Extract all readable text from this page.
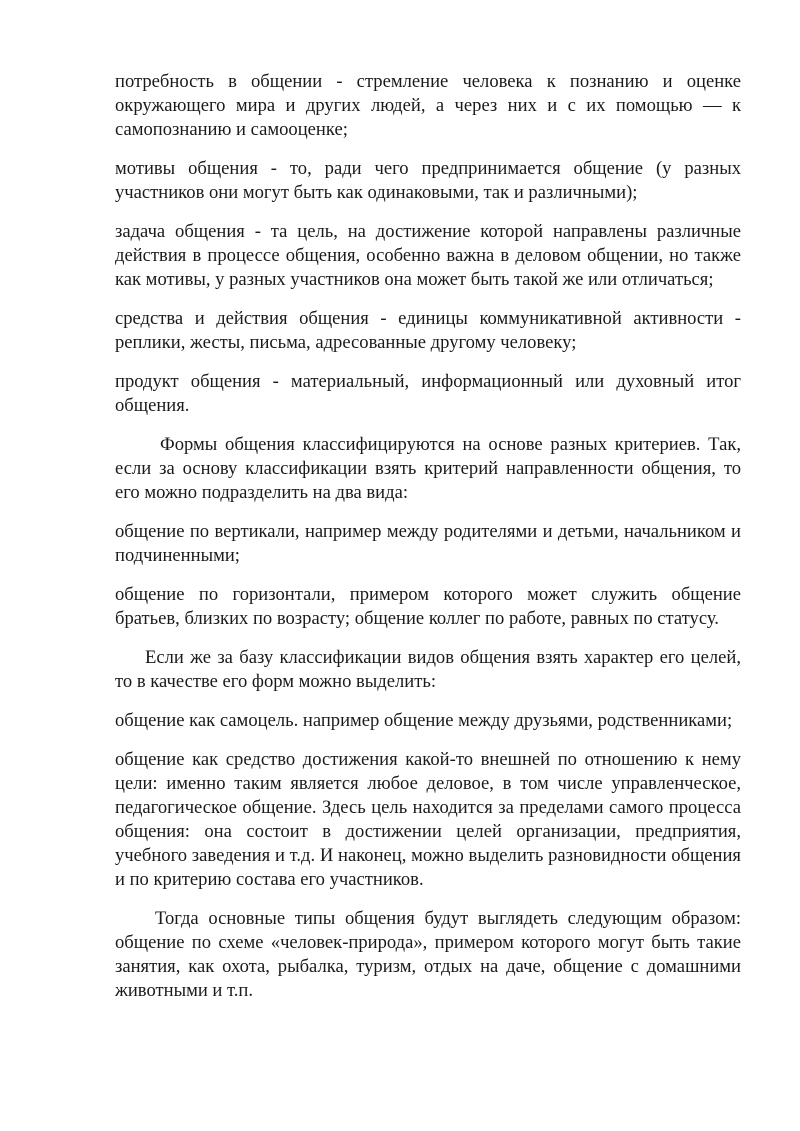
потребность в общении - стремление человека к познанию и оценке окружающего мира и других людей, а через них и с их помощью — к самопознанию и самооценке;

мотивы общения - то, ради чего предпринимается общение (у разных участников они могут быть как одинаковыми, так и различными);

задача общения - та цель, на достижение которой направлены различные действия в процессе общения, особенно важна в деловом общении, но также как мотивы, у разных участников она может быть такой же или отличаться;

средства и действия общения - единицы коммуникативной активности - реплики, жесты, письма, адресованные другому человеку;

продукт общения - материальный, информационный или духовный итог общения.

Формы общения классифицируются на основе разных критериев. Так, если за основу классификации взять критерий направленности общения, то его можно подразделить на два вида:

общение по вертикали, например между родителями и детьми, начальником и подчиненными;

общение по горизонтали, примером которого может служить общение братьев, близких по возрасту; общение коллег по работе, равных по статусу.

Если же за базу классификации видов общения взять характер его целей, то в качестве его форм можно выделить:

общение как самоцель. например общение между друзьями, родственниками;

общение как средство достижения какой-то внешней по отношению к нему цели: именно таким является любое деловое, в том числе управленческое, педагогическое общение. Здесь цель находится за пределами самого процесса общения: она состоит в достижении целей организации, предприятия, учебного заведения и т.д. И наконец, можно выделить разновидности общения и по критерию состава его участников.

Тогда основные типы общения будут выглядеть следующим образом: общение по схеме «человек-природа», примером которого могут быть такие занятия, как охота, рыбалка, туризм, отдых на даче, общение с домашними животными и т.п.
